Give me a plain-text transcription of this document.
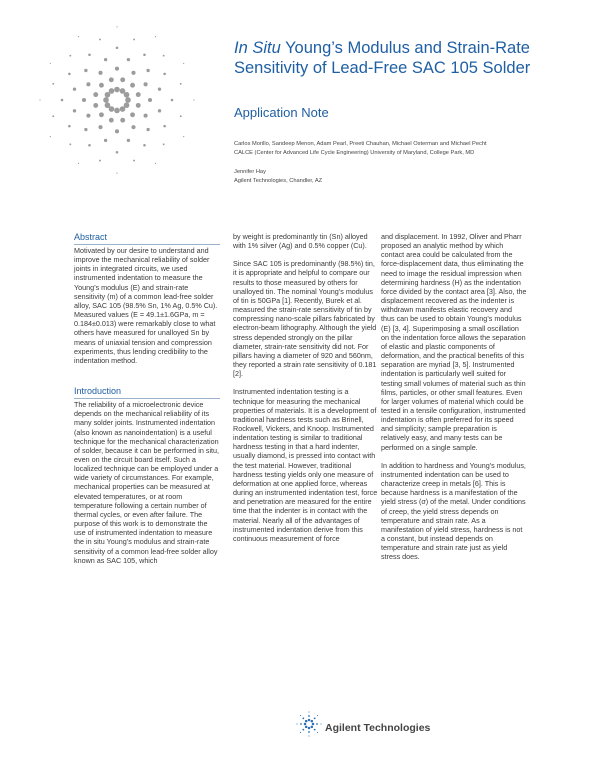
In Situ Young’s Modulus and Strain-Rate Sensitivity of Lead-Free SAC 105 Solder
Application Note
Carlos Morillo, Sandeep Menon, Adam Pearl, Preeti Chauhan, Michael Osterman and Michael Pecht
CALCE (Center for Advanced Life Cycle Engineering) University of Maryland, College Park, MD
Jennifer Hay
Agilent Technologies, Chandler, AZ
Abstract

Motivated by our desire to understand and improve the mechanical reliability of solder joints in integrated circuits, we used instrumented indentation to measure the Young’s modulus (E) and strain-rate sensitivity (m) of a common lead-free solder alloy, SAC 105 (98.5% Sn, 1% Ag, 0.5% Cu). Measured values (E = 49.1±1.6GPa, m = 0.184±0.013) were remarkably close to what others have measured for unalloyed Sn by means of uniaxial tension and compression experiments, thus lending credibility to the indentation method.

Introduction

The reliability of a microelectronic device depends on the mechanical reliability of its many solder joints. Instrumented indentation (also known as nanoindentation) is a useful technique for the mechanical characterization of solder, because it can be performed in situ, even on the circuit board itself. Such a localized technique can be employed under a wide variety of circumstances. For example, mechanical properties can be measured at elevated temperatures, or at room temperature following a certain number of thermal cycles, or even after failure. The purpose of this work is to demonstrate the use of instrumented indentation to measure the in situ Young’s modulus and strain-rate sensitivity of a common lead-free solder alloy known as SAC 105, which

by weight is predominantly tin (Sn) alloyed with 1% silver (Ag) and 0.5% copper (Cu).

Since SAC 105 is predominantly (98.5%) tin, it is appropriate and helpful to compare our results to those measured by others for unalloyed tin. The nominal Young’s modulus of tin is 50GPa [1]. Recently, Burek et al. measured the strain-rate sensitivity of tin by compressing nano-scale pillars fabricated by electron-beam lithography. Although the yield stress depended strongly on the pillar diameter, strain-rate sensitivity did not. For pillars having a diameter of 920 and 560nm, they reported a strain rate sensitivity of 0.181 [2].

Instrumented indentation testing is a technique for measuring the mechanical properties of materials. It is a development of traditional hardness tests such as Brinell, Rockwell, Vickers, and Knoop. Instrumented indentation testing is similar to traditional hardness testing in that a hard indenter, usually diamond, is pressed into contact with the test material. However, traditional hardness testing yields only one measure of deformation at one applied force, whereas during an instrumented indentation test, force and penetration are measured for the entire time that the indenter is in contact with the material. Nearly all of the advantages of instrumented indentation derive from this continuous measurement of force

and displacement. In 1992, Oliver and Pharr proposed an analytic method by which contact area could be calculated from the force-displacement data, thus eliminating the need to image the residual impression when determining hardness (H) as the indentation force divided by the contact area [3]. Also, the displacement recovered as the indenter is withdrawn manifests elastic recovery and thus can be used to obtain Young’s modulus (E) [3, 4]. Superimposing a small oscillation on the indentation force allows the separation of elastic and plastic components of deformation, and the practical benefits of this separation are myriad [3, 5]. Instrumented indentation is particularly well suited for testing small volumes of material such as thin films, particles, or other small features. Even for larger volumes of material which could be tested in a tensile configuration, instrumented indentation is often preferred for its speed and simplicity; sample preparation is relatively easy, and many tests can be performed on a single sample.

In addition to hardness and Young’s modulus, instrumented indentation can be used to characterize creep in metals [6]. This is because hardness is a manifestation of the yield stress (σ) of the metal. Under conditions of creep, the yield stress depends on temperature and strain rate. As a manifestation of yield stress, hardness is not a constant, but instead depends on temperature and strain rate just as yield stress does.

Agilent Technologies
